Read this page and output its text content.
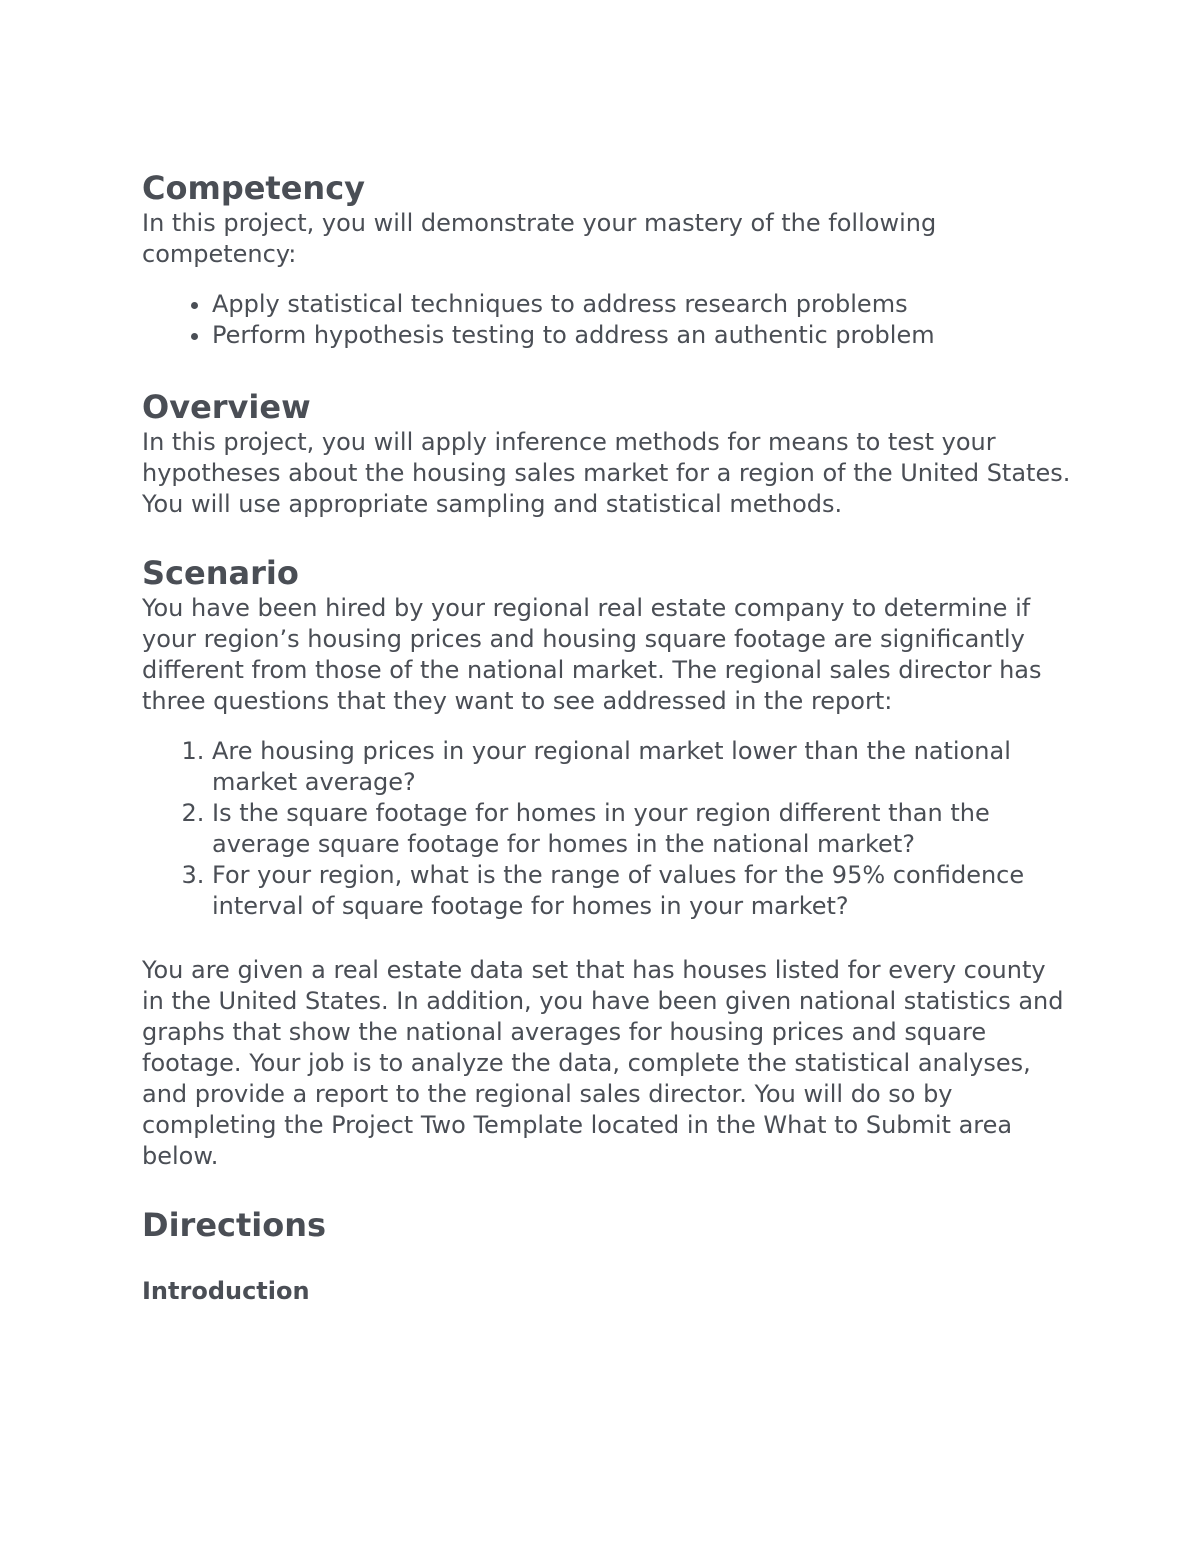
Competency

In this project, you will demonstrate your mastery of the following competency:

• Apply statistical techniques to address research problems
• Perform hypothesis testing to address an authentic problem
Overview

In this project, you will apply inference methods for means to test your hypotheses about the housing sales market for a region of the United States. You will use appropriate sampling and statistical methods.

Scenario

You have been hired by your regional real estate company to determine if your region’s housing prices and housing square footage are significantly different from those of the national market. The regional sales director has three questions that they want to see addressed in the report:

1. Are housing prices in your regional market lower than the national market average?
2. Is the square footage for homes in your region different than the average square footage for homes in the national market?
3. For your region, what is the range of values for the 95% confidence interval of square footage for homes in your market?

You are given a real estate data set that has houses listed for every county in the United States. In addition, you have been given national statistics and graphs that show the national averages for housing prices and square footage. Your job is to analyze the data, complete the statistical analyses, and provide a report to the regional sales director. You will do so by completing the Project Two Template located in the What to Submit area below.

Directions
Introduction
